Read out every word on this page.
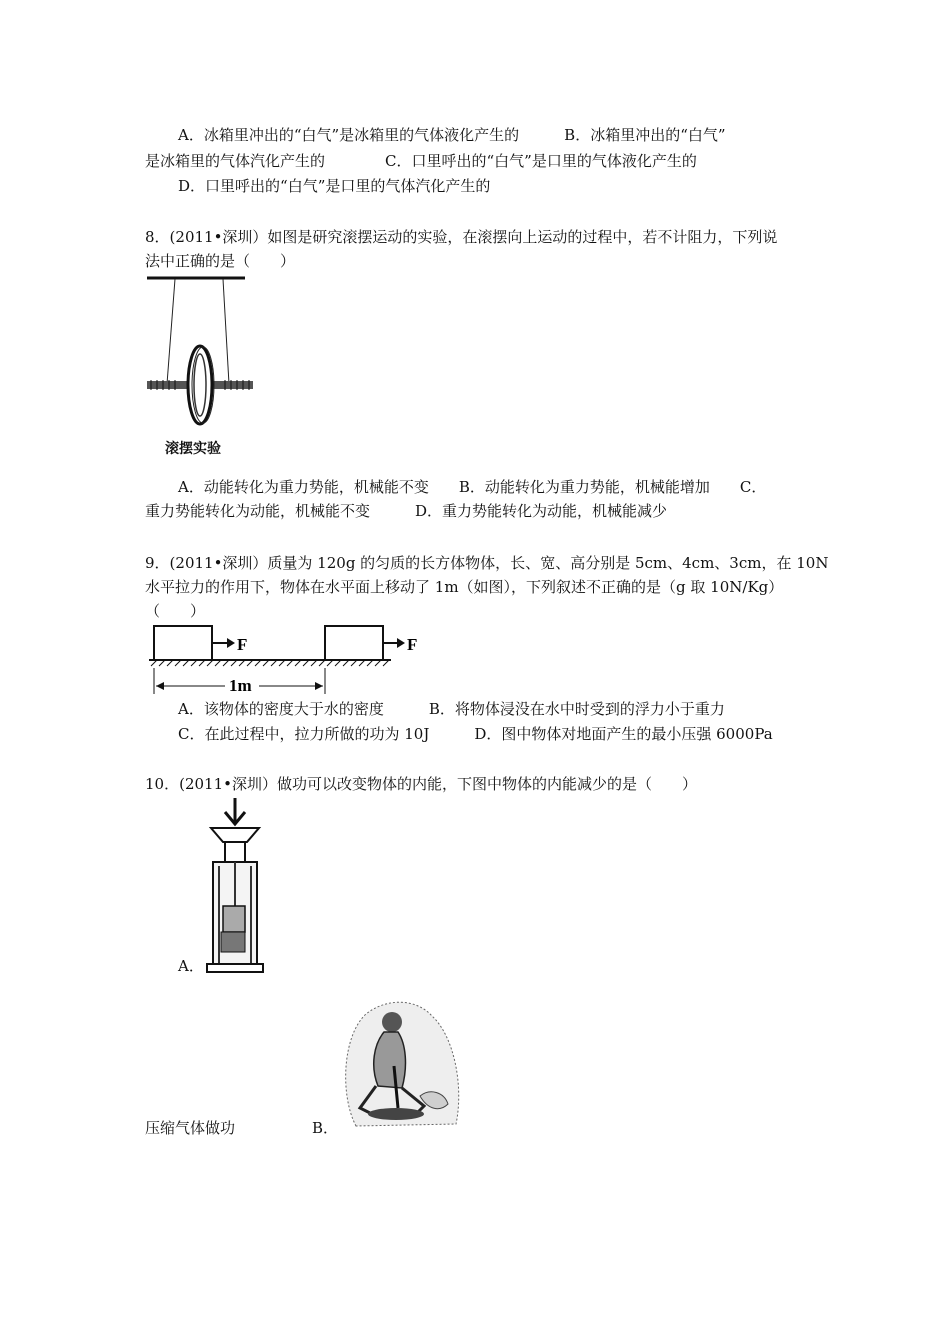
A．冰箱里冲出的“白气”是冰箱里的气体液化产生的　　　B．冰箱里冲出的“白气”
是冰箱里的气体汽化产生的　　　　C．口里呼出的“白气”是口里的气体液化产生的
D．口里呼出的“白气”是口里的气体汽化产生的
8．(2011•深圳）如图是研究滚摆运动的实验，在滚摆向上运动的过程中，若不计阻力，下列说
法中正确的是（　　）
滚摆实验
A．动能转化为重力势能，机械能不变　　B．动能转化为重力势能，机械能增加　　C．
重力势能转化为动能，机械能不变　　　D．重力势能转化为动能，机械能减少
9．(2011•深圳）质量为 120g 的匀质的长方体物体，长、宽、高分别是 5cm、4cm、3cm，在 10N
水平拉力的作用下，物体在水平面上移动了 1m（如图），下列叙述不正确的是（g 取 10N/Kg）
（　　）
F	F
1m
A．该物体的密度大于水的密度　　　B．将物体浸没在水中时受到的浮力小于重力
C．在此过程中，拉力所做的功为 10J　　　D．图中物体对地面产生的最小压强 6000Pa
10．(2011•深圳）做功可以改变物体的内能，下图中物体的内能减少的是（　　）
A．
压缩气体做功	B．
